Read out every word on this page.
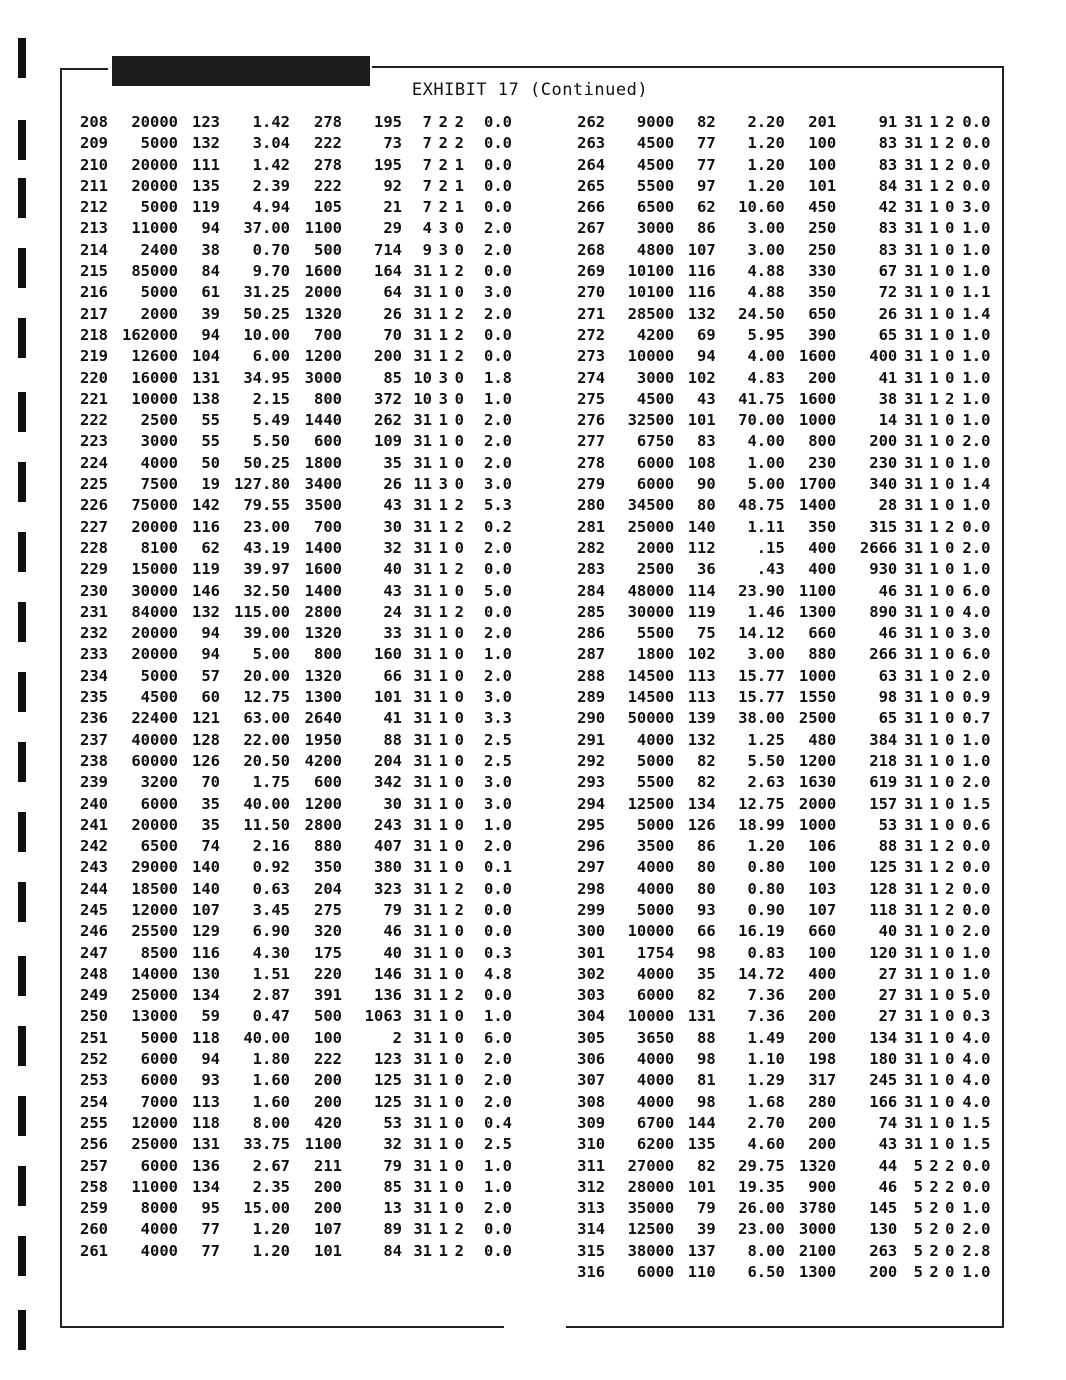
EXHIBIT 17 (Continued)
208	20000	123	1.42	278	195	7	2	2	0.0
209	5000	132	3.04	222	73	7	2	2	0.0
210	20000	111	1.42	278	195	7	2	1	0.0
211	20000	135	2.39	222	92	7	2	1	0.0
212	5000	119	4.94	105	21	7	2	1	0.0
213	11000	94	37.00	1100	29	4	3	0	2.0
214	2400	38	0.70	500	714	9	3	0	2.0
215	85000	84	9.70	1600	164	31	1	2	0.0
216	5000	61	31.25	2000	64	31	1	0	3.0
217	2000	39	50.25	1320	26	31	1	2	2.0
218	162000	94	10.00	700	70	31	1	2	0.0
219	12600	104	6.00	1200	200	31	1	2	0.0
220	16000	131	34.95	3000	85	10	3	0	1.8
221	10000	138	2.15	800	372	10	3	0	1.0
222	2500	55	5.49	1440	262	31	1	0	2.0
223	3000	55	5.50	600	109	31	1	0	2.0
224	4000	50	50.25	1800	35	31	1	0	2.0
225	7500	19	127.80	3400	26	11	3	0	3.0
226	75000	142	79.55	3500	43	31	1	2	5.3
227	20000	116	23.00	700	30	31	1	2	0.2
228	8100	62	43.19	1400	32	31	1	0	2.0
229	15000	119	39.97	1600	40	31	1	2	0.0
230	30000	146	32.50	1400	43	31	1	0	5.0
231	84000	132	115.00	2800	24	31	1	2	0.0
232	20000	94	39.00	1320	33	31	1	0	2.0
233	20000	94	5.00	800	160	31	1	0	1.0
234	5000	57	20.00	1320	66	31	1	0	2.0
235	4500	60	12.75	1300	101	31	1	0	3.0
236	22400	121	63.00	2640	41	31	1	0	3.3
237	40000	128	22.00	1950	88	31	1	0	2.5
238	60000	126	20.50	4200	204	31	1	0	2.5
239	3200	70	1.75	600	342	31	1	0	3.0
240	6000	35	40.00	1200	30	31	1	0	3.0
241	20000	35	11.50	2800	243	31	1	0	1.0
242	6500	74	2.16	880	407	31	1	0	2.0
243	29000	140	0.92	350	380	31	1	0	0.1
244	18500	140	0.63	204	323	31	1	2	0.0
245	12000	107	3.45	275	79	31	1	2	0.0
246	25500	129	6.90	320	46	31	1	0	0.0
247	8500	116	4.30	175	40	31	1	0	0.3
248	14000	130	1.51	220	146	31	1	0	4.8
249	25000	134	2.87	391	136	31	1	2	0.0
250	13000	59	0.47	500	1063	31	1	0	1.0
251	5000	118	40.00	100	2	31	1	0	6.0
252	6000	94	1.80	222	123	31	1	0	2.0
253	6000	93	1.60	200	125	31	1	0	2.0
254	7000	113	1.60	200	125	31	1	0	2.0
255	12000	118	8.00	420	53	31	1	0	0.4
256	25000	131	33.75	1100	32	31	1	0	2.5
257	6000	136	2.67	211	79	31	1	0	1.0
258	11000	134	2.35	200	85	31	1	0	1.0
259	8000	95	15.00	200	13	31	1	0	2.0
260	4000	77	1.20	107	89	31	1	2	0.0
261	4000	77	1.20	101	84	31	1	2	0.0
262	9000	82	2.20	201	91	31	1	2	0.0
263	4500	77	1.20	100	83	31	1	2	0.0
264	4500	77	1.20	100	83	31	1	2	0.0
265	5500	97	1.20	101	84	31	1	2	0.0
266	6500	62	10.60	450	42	31	1	0	3.0
267	3000	86	3.00	250	83	31	1	0	1.0
268	4800	107	3.00	250	83	31	1	0	1.0
269	10100	116	4.88	330	67	31	1	0	1.0
270	10100	116	4.88	350	72	31	1	0	1.1
271	28500	132	24.50	650	26	31	1	0	1.4
272	4200	69	5.95	390	65	31	1	0	1.0
273	10000	94	4.00	1600	400	31	1	0	1.0
274	3000	102	4.83	200	41	31	1	0	1.0
275	4500	43	41.75	1600	38	31	1	2	1.0
276	32500	101	70.00	1000	14	31	1	0	1.0
277	6750	83	4.00	800	200	31	1	0	2.0
278	6000	108	1.00	230	230	31	1	0	1.0
279	6000	90	5.00	1700	340	31	1	0	1.4
280	34500	80	48.75	1400	28	31	1	0	1.0
281	25000	140	1.11	350	315	31	1	2	0.0
282	2000	112	.15	400	2666	31	1	0	2.0
283	2500	36	.43	400	930	31	1	0	1.0
284	48000	114	23.90	1100	46	31	1	0	6.0
285	30000	119	1.46	1300	890	31	1	0	4.0
286	5500	75	14.12	660	46	31	1	0	3.0
287	1800	102	3.00	880	266	31	1	0	6.0
288	14500	113	15.77	1000	63	31	1	0	2.0
289	14500	113	15.77	1550	98	31	1	0	0.9
290	50000	139	38.00	2500	65	31	1	0	0.7
291	4000	132	1.25	480	384	31	1	0	1.0
292	5000	82	5.50	1200	218	31	1	0	1.0
293	5500	82	2.63	1630	619	31	1	0	2.0
294	12500	134	12.75	2000	157	31	1	0	1.5
295	5000	126	18.99	1000	53	31	1	0	0.6
296	3500	86	1.20	106	88	31	1	2	0.0
297	4000	80	0.80	100	125	31	1	2	0.0
298	4000	80	0.80	103	128	31	1	2	0.0
299	5000	93	0.90	107	118	31	1	2	0.0
300	10000	66	16.19	660	40	31	1	0	2.0
301	1754	98	0.83	100	120	31	1	0	1.0
302	4000	35	14.72	400	27	31	1	0	1.0
303	6000	82	7.36	200	27	31	1	0	5.0
304	10000	131	7.36	200	27	31	1	0	0.3
305	3650	88	1.49	200	134	31	1	0	4.0
306	4000	98	1.10	198	180	31	1	0	4.0
307	4000	81	1.29	317	245	31	1	0	4.0
308	4000	98	1.68	280	166	31	1	0	4.0
309	6700	144	2.70	200	74	31	1	0	1.5
310	6200	135	4.60	200	43	31	1	0	1.5
311	27000	82	29.75	1320	44	5	2	2	0.0
312	28000	101	19.35	900	46	5	2	2	0.0
313	35000	79	26.00	3780	145	5	2	0	1.0
314	12500	39	23.00	3000	130	5	2	0	2.0
315	38000	137	8.00	2100	263	5	2	0	2.8
316	6000	110	6.50	1300	200	5	2	0	1.0
